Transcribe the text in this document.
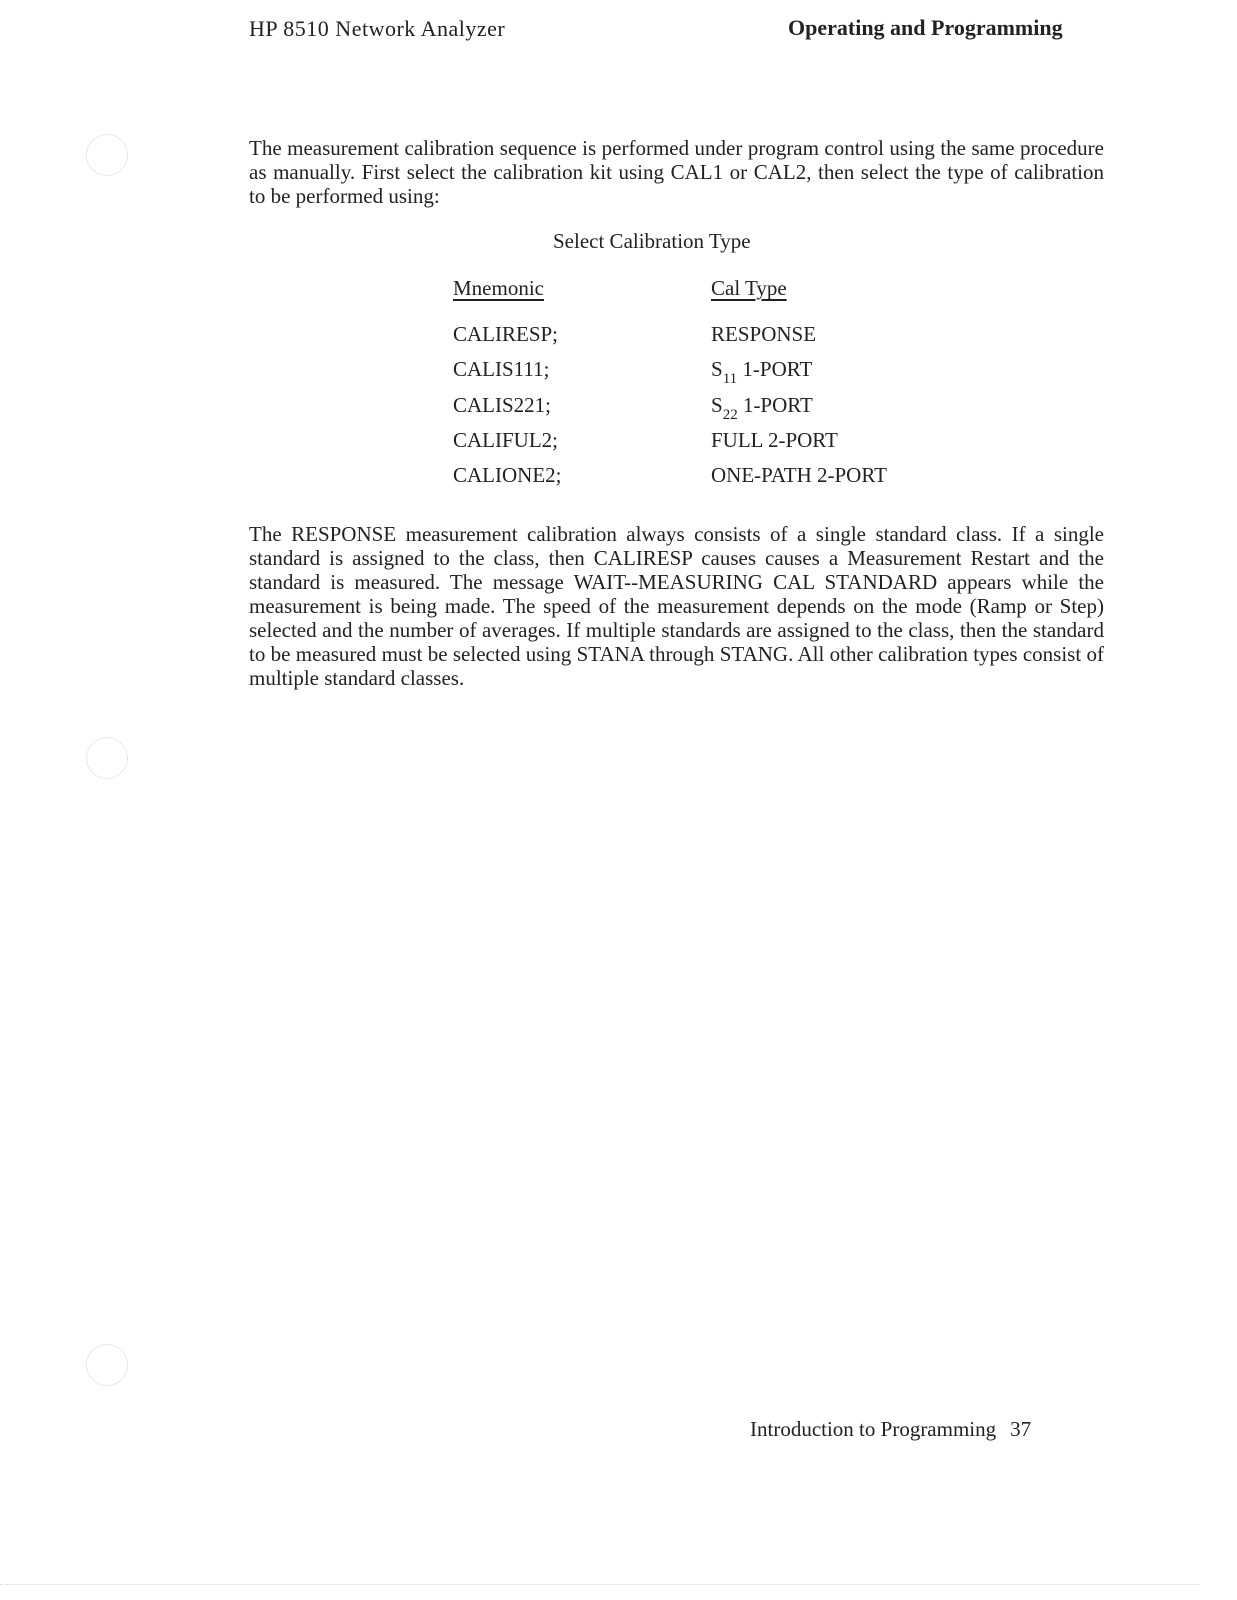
HP 8510 Network Analyzer	Operating and Programming
The measurement calibration sequence is performed under program control using the same procedure as manually. First select the calibration kit using CAL1 or CAL2, then select the type of calibration to be performed using:
Select Calibration Type
Mnemonic	Cal Type
CALIRESP;	RESPONSE
CALIS111;	$S_{11}$ 1-PORT
CALIS221;	$S_{22}$ 1-PORT
CALIFUL2;	FULL 2-PORT
CALIONE2;	ONE-PATH 2-PORT
The RESPONSE measurement calibration always consists of a single standard class. If a single standard is assigned to the class, then CALIRESP causes causes a Measurement Restart and the standard is measured. The message WAIT--MEASURING CAL STANDARD appears while the measurement is being made. The speed of the measurement depends on the mode (Ramp or Step) selected and the number of averages. If multiple standards are assigned to the class, then the standard to be measured must be selected using STANA through STANG. All other calibration types consist of multiple standard classes.
Introduction to Programming 37
